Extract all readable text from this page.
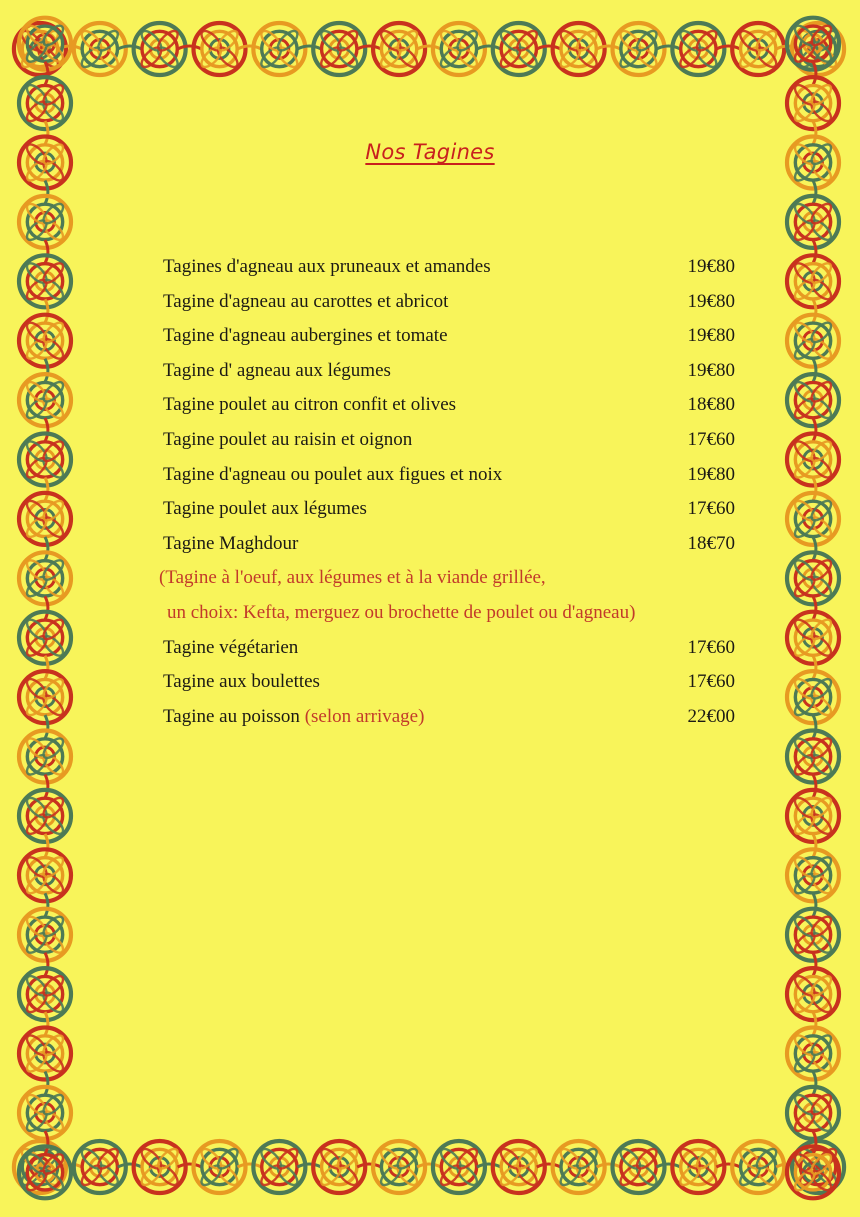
Nos Tagines
Tagines d'agneau aux pruneaux et amandes	19€80
Tagine d'agneau au carottes et abricot	19€80
Tagine d'agneau aubergines et tomate	19€80
Tagine d' agneau aux légumes	19€80
Tagine poulet au citron confit et olives	18€80
Tagine poulet au raisin et oignon	17€60
Tagine d'agneau ou poulet aux figues et noix	19€80
Tagine poulet aux légumes	17€60
Tagine Maghdour	18€70
(Tagine à l'oeuf, aux légumes et à la viande grillée,
un choix: Kefta, merguez ou brochette de poulet ou d'agneau)
Tagine végétarien	17€60
Tagine aux boulettes	17€60
Tagine au poisson (selon arrivage)	22€00
